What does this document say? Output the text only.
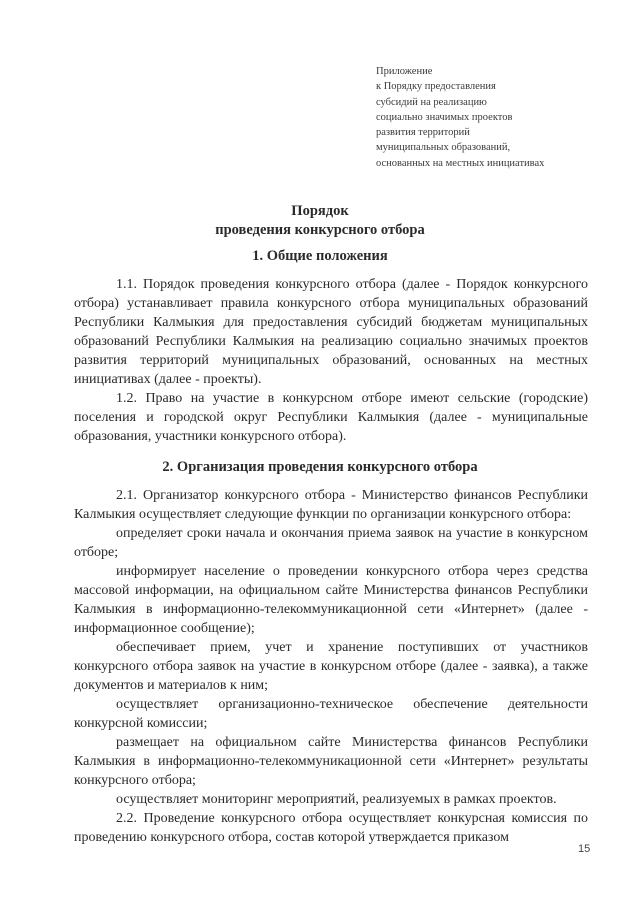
Приложение
к Порядку предоставления
субсидий на реализацию
социально значимых проектов
развития территорий
муниципальных образований,
основанных на местных инициативах
Порядок
проведения конкурсного отбора
1. Общие положения

1.1. Порядок проведения конкурсного отбора (далее - Порядок конкурсного отбора) устанавливает правила конкурсного отбора муниципальных образований Республики Калмыкия для предоставления субсидий бюджетам муниципальных образований Республики Калмыкия на реализацию социально значимых проектов развития территорий муниципальных образований, основанных на местных инициативах (далее - проекты).

1.2. Право на участие в конкурсном отборе имеют сельские (городские) поселения и городской округ Республики Калмыкия (далее - муниципальные образования, участники конкурсного отбора).

2. Организация проведения конкурсного отбора

2.1. Организатор конкурсного отбора - Министерство финансов Республики Калмыкия осуществляет следующие функции по организации конкурсного отбора:

определяет сроки начала и окончания приема заявок на участие в конкурсном отборе;

информирует население о проведении конкурсного отбора через средства массовой информации, на официальном сайте Министерства финансов Республики Калмыкия в информационно-телекоммуникационной сети «Интернет» (далее - информационное сообщение);

обеспечивает прием, учет и хранение поступивших от участников конкурсного отбора заявок на участие в конкурсном отборе (далее - заявка), а также документов и материалов к ним;

осуществляет организационно-техническое обеспечение деятельности конкурсной комиссии;

размещает на официальном сайте Министерства финансов Республики Калмыкия в информационно-телекоммуникационной сети «Интернет» результаты конкурсного отбора;

осуществляет мониторинг мероприятий, реализуемых в рамках проектов.

2.2. Проведение конкурсного отбора осуществляет конкурсная комиссия по проведению конкурсного отбора, состав которой утверждается приказом

15
